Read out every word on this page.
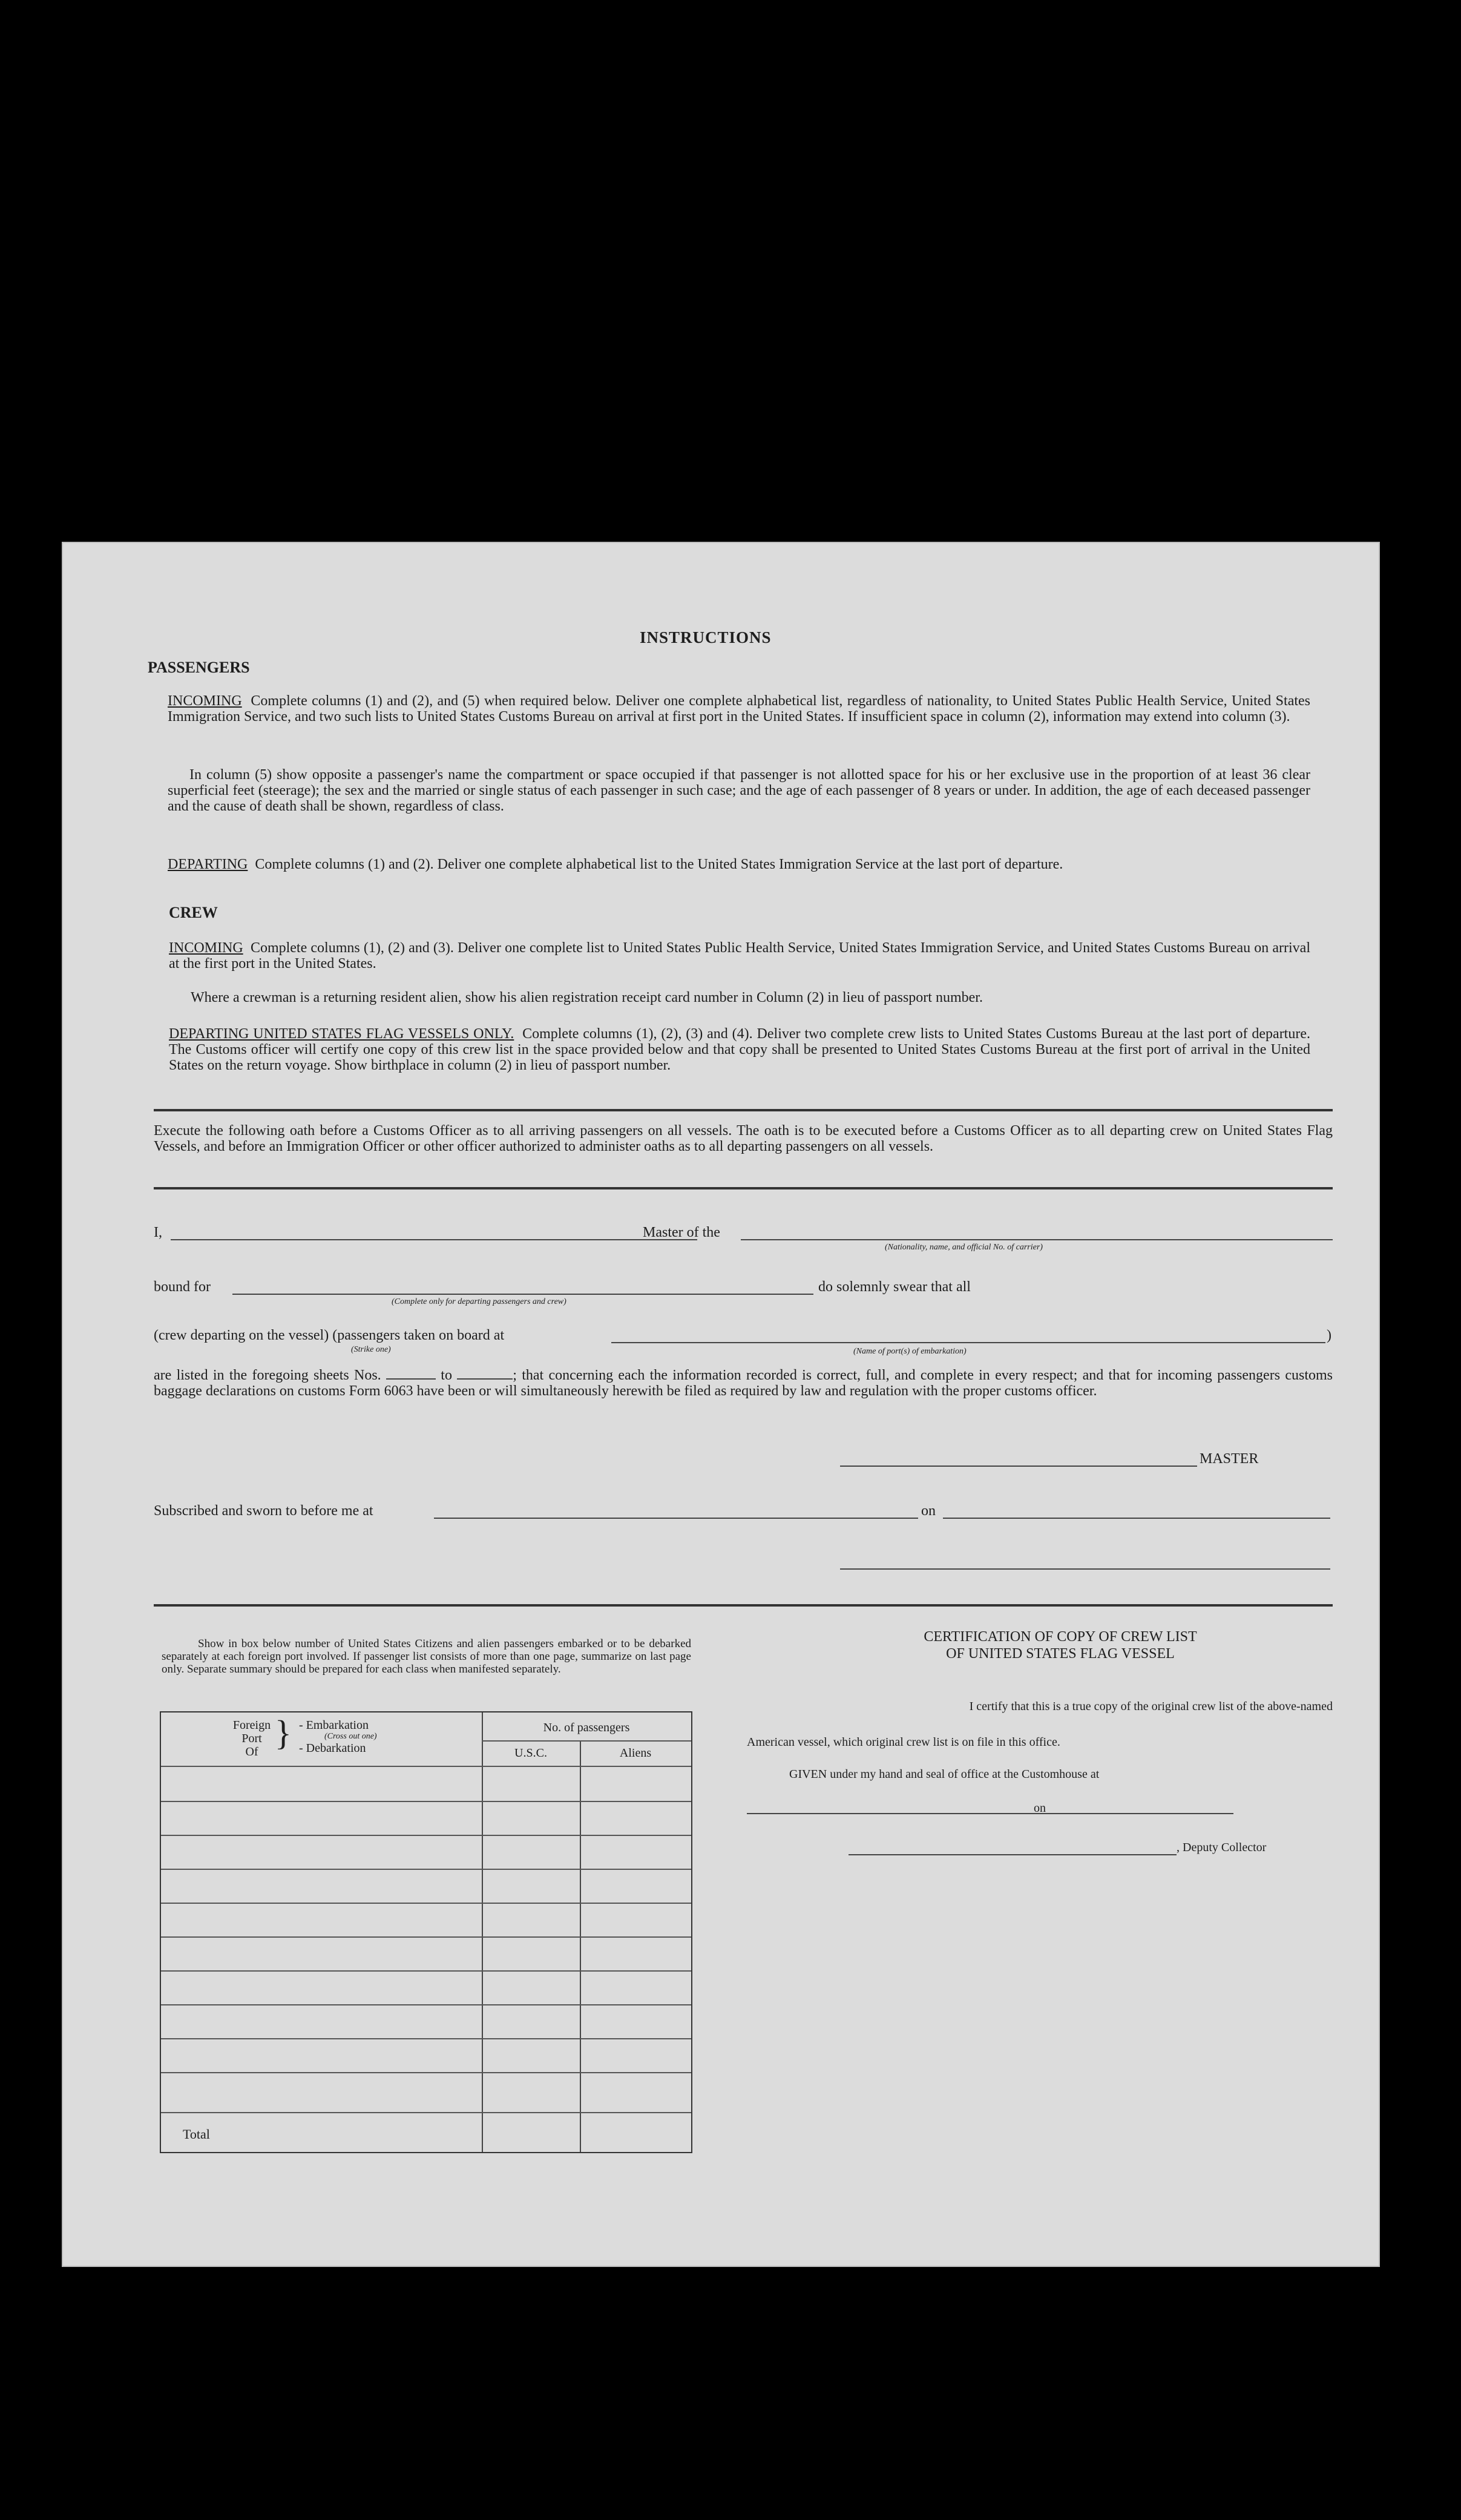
INSTRUCTIONS
PASSENGERS
INCOMING Complete columns (1) and (2), and (5) when required below. Deliver one complete alphabetical list, regardless of nationality, to United States Public Health Service, United States Immigration Service, and two such lists to United States Customs Bureau on arrival at first port in the United States. If insufficient space in column (2), information may extend into column (3).
In column (5) show opposite a passenger's name the compartment or space occupied if that passenger is not allotted space for his or her exclusive use in the proportion of at least 36 clear superficial feet (steerage); the sex and the married or single status of each passenger in such case; and the age of each passenger of 8 years or under. In addition, the age of each deceased passenger and the cause of death shall be shown, regardless of class.
DEPARTING Complete columns (1) and (2). Deliver one complete alphabetical list to the United States Immigration Service at the last port of departure.
CREW
INCOMING Complete columns (1), (2) and (3). Deliver one complete list to United States Public Health Service, United States Immigration Service, and United States Customs Bureau on arrival at the first port in the United States.
Where a crewman is a returning resident alien, show his alien registration receipt card number in Column (2) in lieu of passport number.
DEPARTING UNITED STATES FLAG VESSELS ONLY. Complete columns (1), (2), (3) and (4). Deliver two complete crew lists to United States Customs Bureau at the last port of departure. The Customs officer will certify one copy of this crew list in the space provided below and that copy shall be presented to United States Customs Bureau at the first port of arrival in the United States on the return voyage. Show birthplace in column (2) in lieu of passport number.
Execute the following oath before a Customs Officer as to all arriving passengers on all vessels. The oath is to be executed before a Customs Officer as to all departing crew on United States Flag Vessels, and before an Immigration Officer or other officer authorized to administer oaths as to all departing passengers on all vessels.
I,	Master of the
(Nationality, name, and official No. of carrier)
bound for
(Complete only for departing passengers and crew)
do solemnly swear that all
(crew departing on the vessel) (passengers taken on board at
(Strike one)	(Name of port(s) of embarkation)
)
are listed in the foregoing sheets Nos.	to	; that concerning each the information recorded is correct, full, and complete in every respect; and that for incoming passengers customs baggage declarations on customs Form 6063 have been or will simultaneously herewith be filed as required by law and regulation with the proper customs officer.
MASTER
Subscribed and sworn to before me at	on
Show in box below number of United States Citizens and alien passengers embarked or to be debarked separately at each foreign port involved. If passenger list consists of more than one page, summarize on last page only. Separate summary should be prepared for each class when manifested separately.
Foreign
Port
Of } - Embarkation
(Cross out one)
- Debarkation
No. of passengers
U.S.C.	Aliens
Total
CERTIFICATION OF COPY OF CREW LIST
OF UNITED STATES FLAG VESSEL
I certify that this is a true copy of the original crew list of the above-named
American vessel, which original crew list is on file in this office.
GIVEN under my hand and seal of office at the Customhouse at
on
, Deputy Collector
